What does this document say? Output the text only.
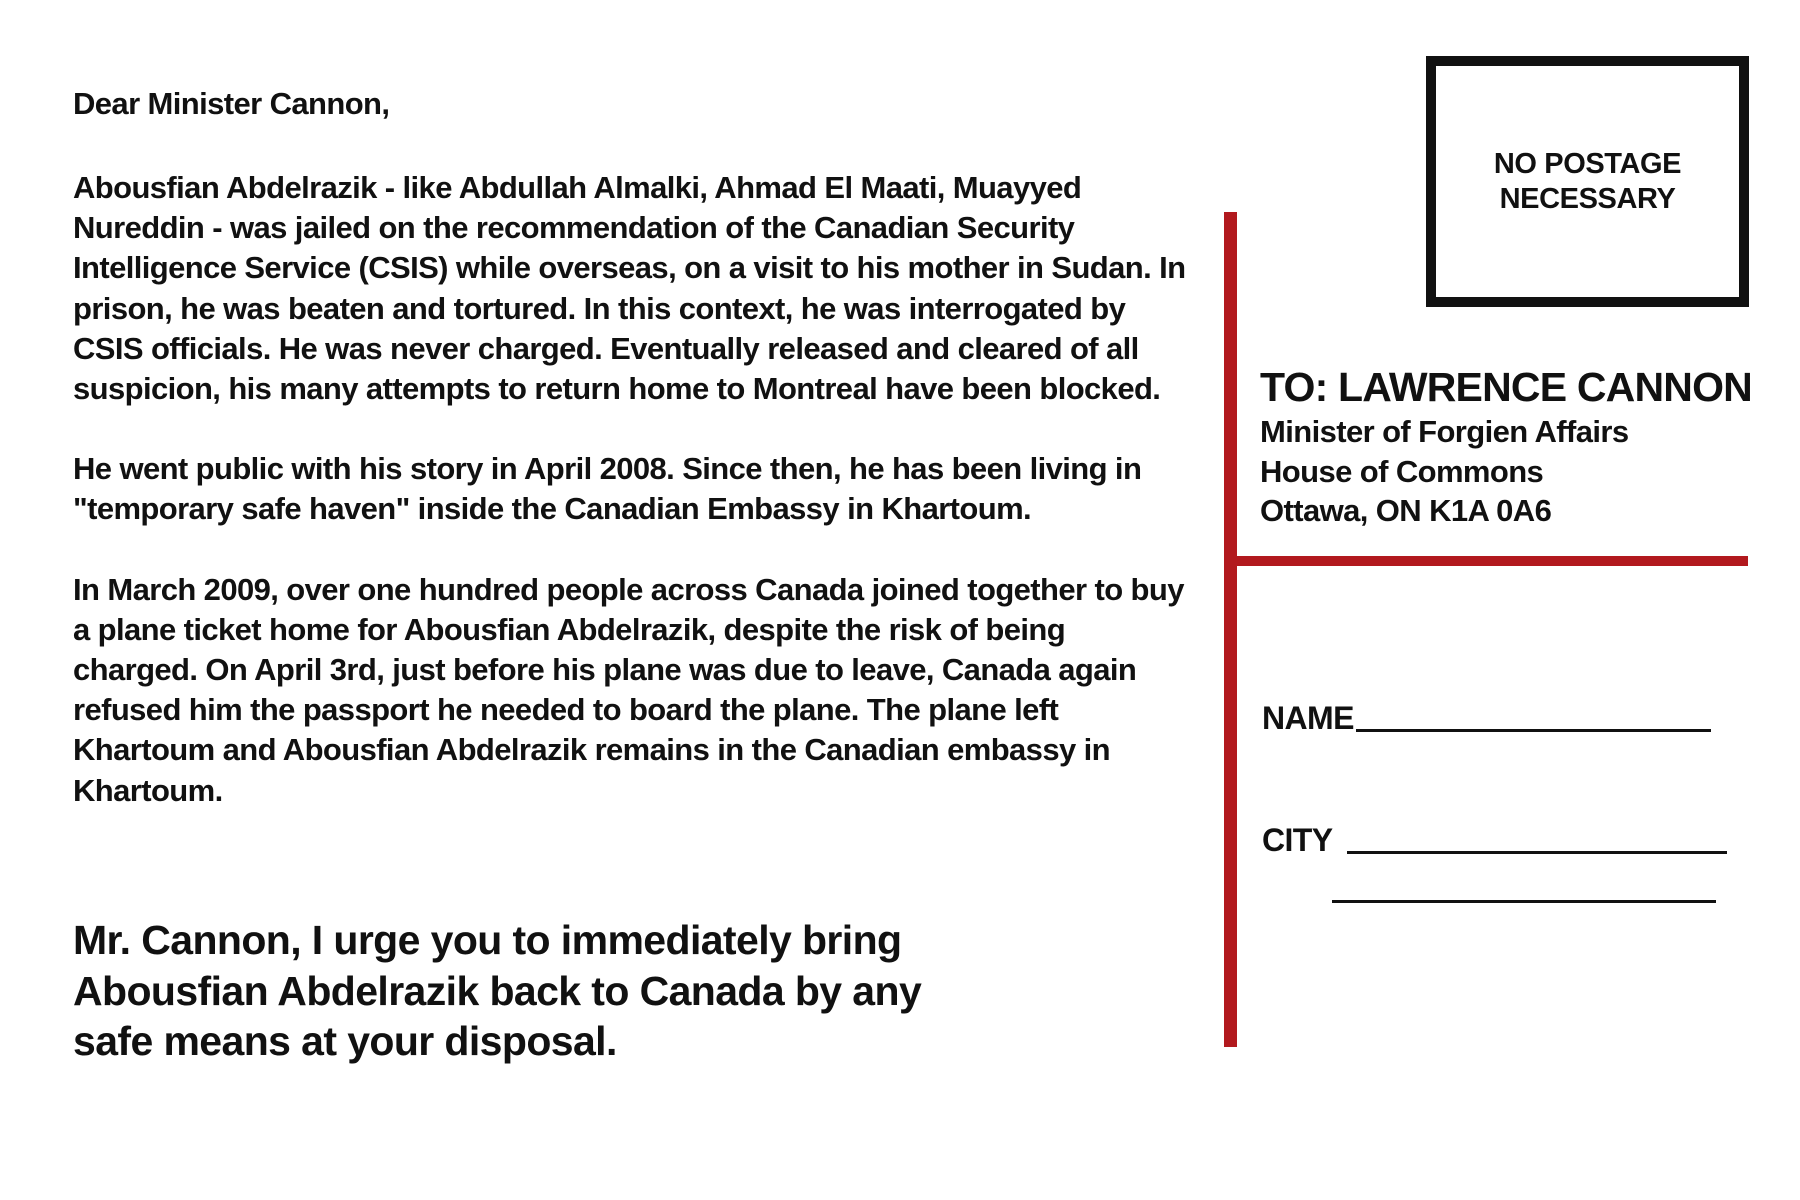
Dear Minister Cannon,

Abousfian Abdelrazik - like Abdullah Almalki, Ahmad El Maati, Muayyed Nureddin - was jailed on the recommendation of the Canadian Security Intelligence Service (CSIS) while overseas, on a visit to his mother in Sudan. In prison, he was beaten and tortured. In this context, he was interrogated by CSIS officials. He was never charged. Eventually released and cleared of all suspicion, his many attempts to return home to Montreal have been blocked.

He went public with his story in April 2008. Since then, he has been living in "temporary safe haven" inside the Canadian Embassy in Khartoum.

In March 2009, over one hundred people across Canada joined together to buy a plane ticket home for Abousfian Abdelrazik, despite the risk of being charged. On April 3rd, just before his plane was due to leave, Canada again refused him the passport he needed to board the plane. The plane left Khartoum and Abousfian Abdelrazik remains in the Canadian embassy in Khartoum.

Mr. Cannon, I urge you to immediately bring Abousfian Abdelrazik back to Canada by any safe means at your disposal.

NO POSTAGE
NECESSARY
TO: LAWRENCE CANNON
Minister of Forgien Affairs
House of Commons
Ottawa, ON K1A 0A6
NAME
CITY
